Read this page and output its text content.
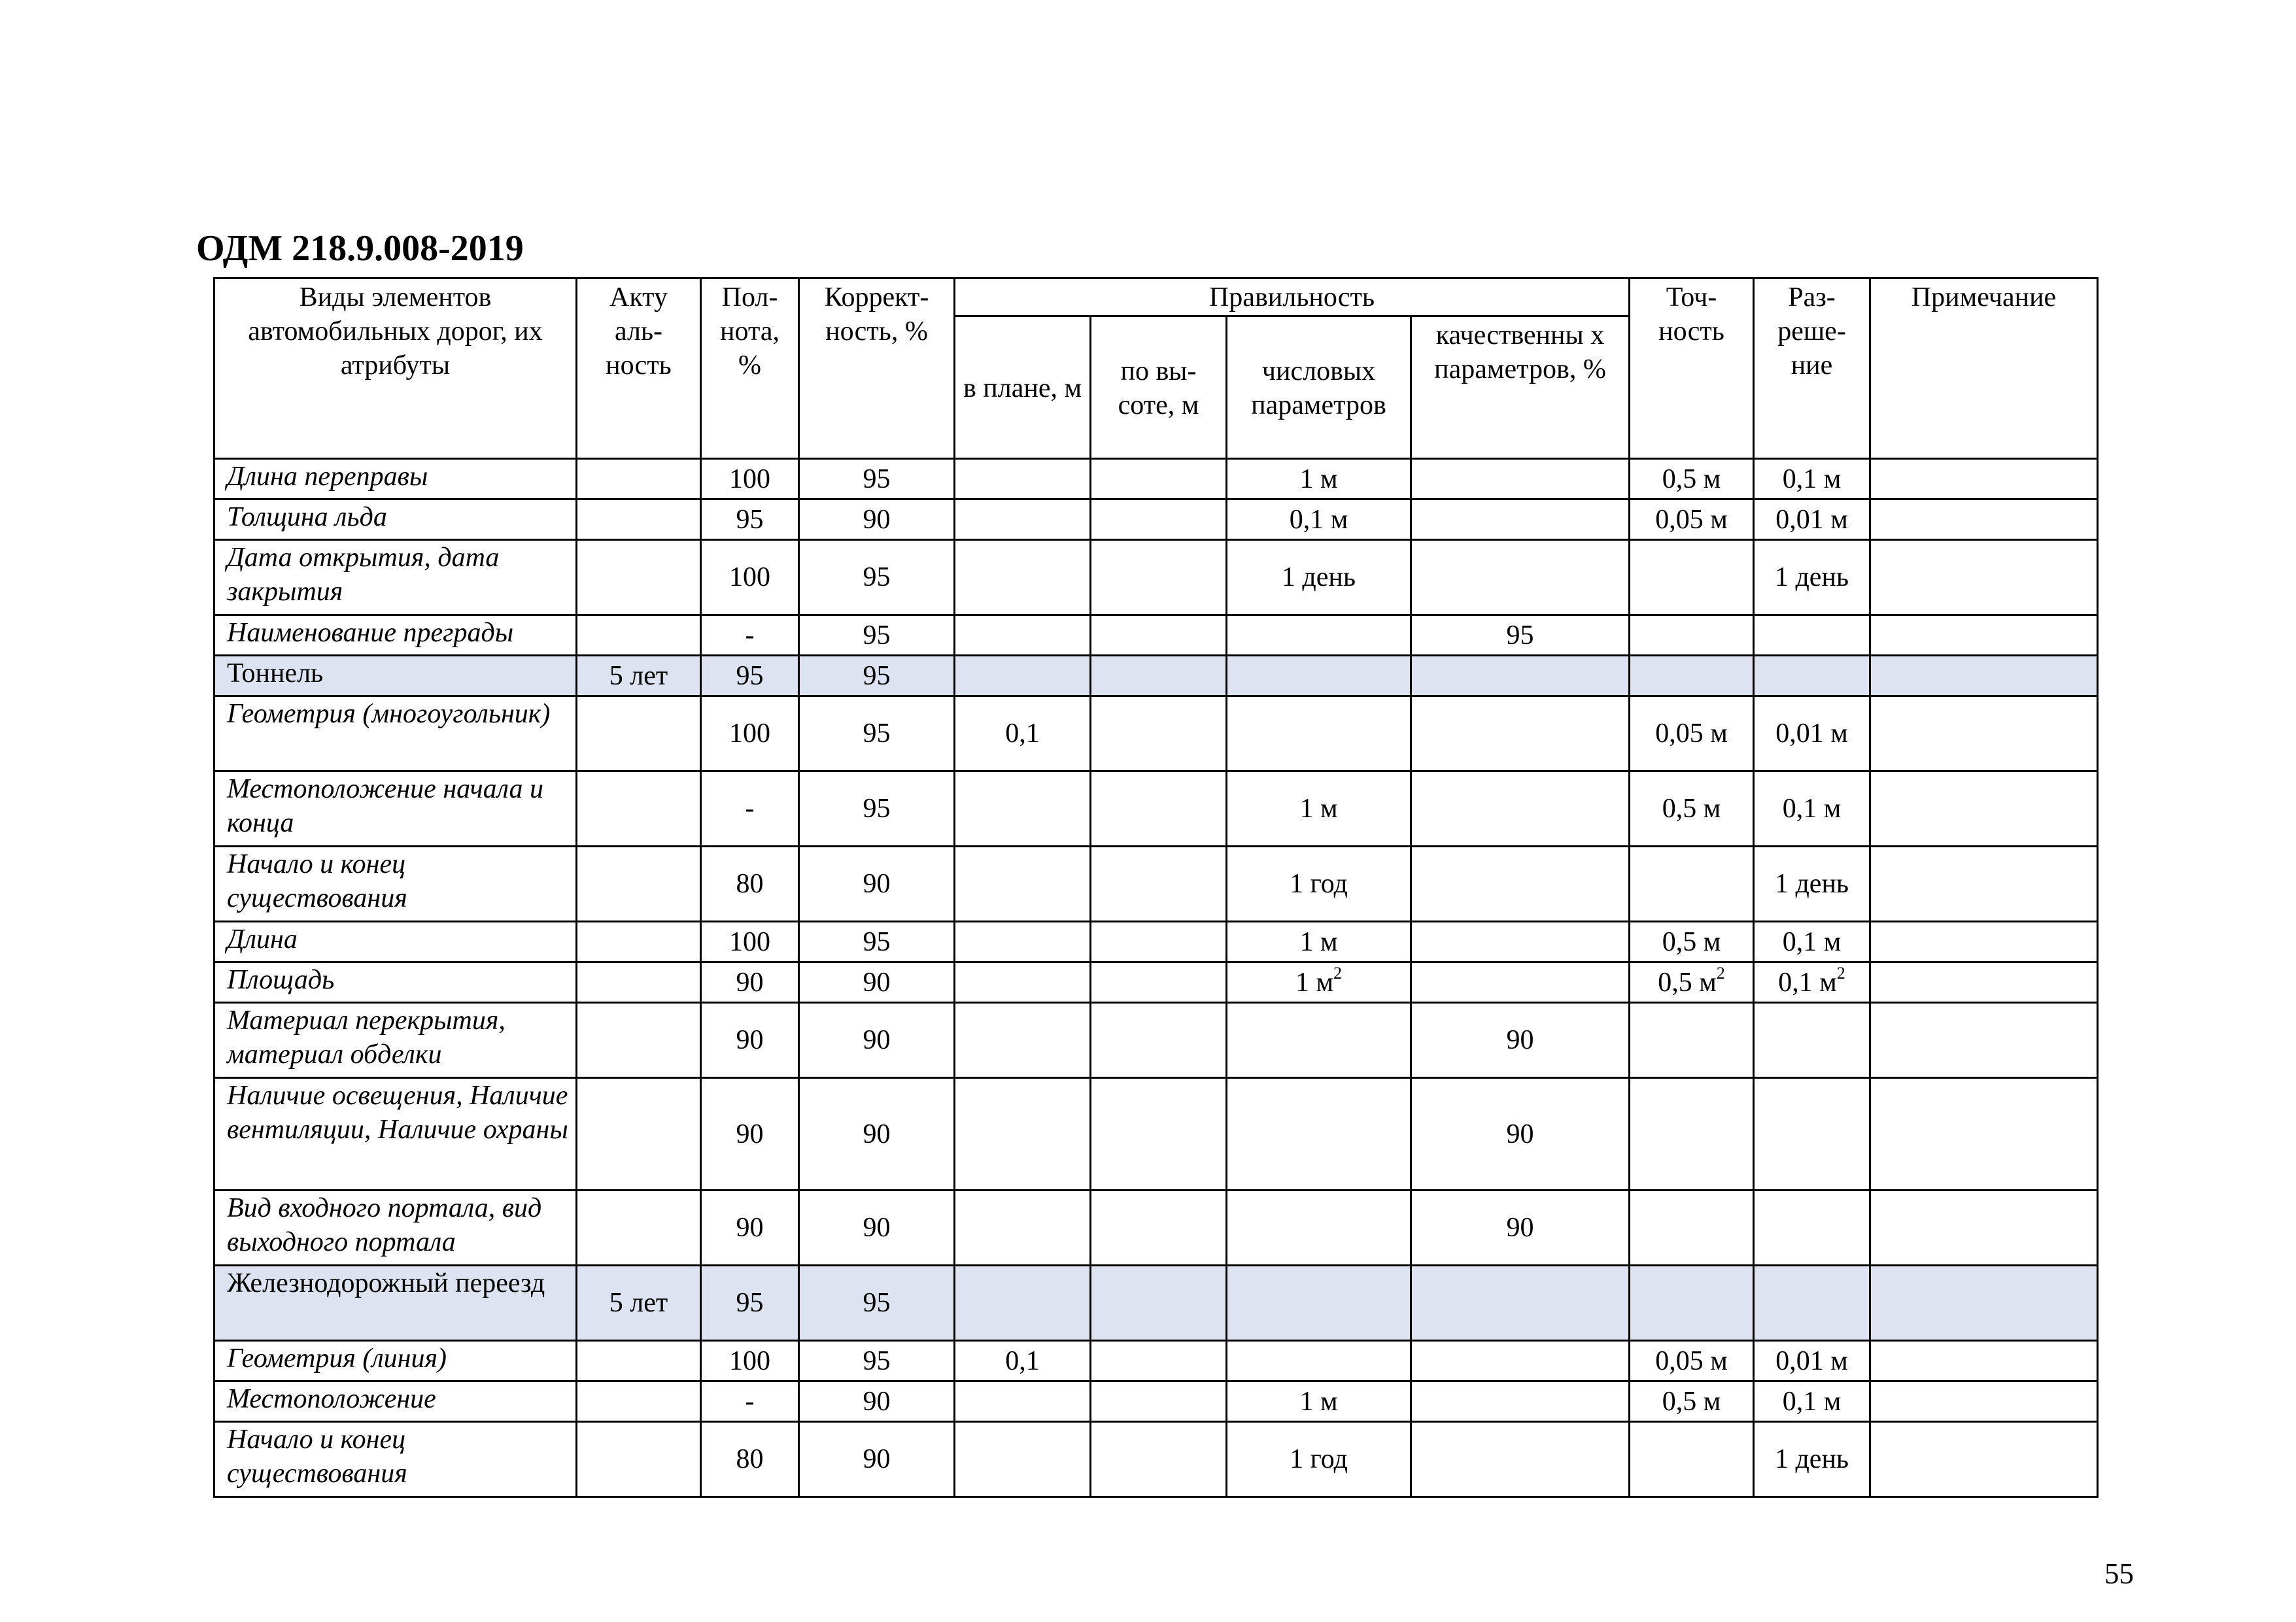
ОДМ 218.9.008-2019
Виды элементов автомобильных дорог, их атрибуты	Акту аль- ность	Пол- нота, %	Коррект- ность, %	Правильность				Точ- ность	Раз- реше- ние	Примечание
				в плане, м	по вы- соте, м	числовых параметров	качественны х параметров, %			
Длина переправы		100	95			1 м		0,5 м	0,1 м	
Толщина льда		95	90			0,1 м		0,05 м	0,01 м	
Дата открытия, дата закрытия		100	95			1 день			1 день	
Наименование преграды		-	95				95			
Тоннель	5 лет	95	95							
Геометрия (многоугольник)		100	95	0,1				0,05 м	0,01 м	
Местоположение начала и конца		-	95			1 м		0,5 м	0,1 м	
Начало и конец существования		80	90			1 год			1 день	
Длина		100	95			1 м		0,5 м	0,1 м	
Площадь		90	90			1 $м^2$		0,5 $м^2$	0,1 $м^2$	
Материал перекрытия, материал обделки		90	90				90			
Наличие освещения, Наличие вентиляции, Наличие охраны		90	90				90			
Вид входного портала, вид выходного портала		90	90				90			
Железнодорожный переезд	5 лет	95	95							
Геометрия (линия)		100	95	0,1				0,05 м	0,01 м	
Местоположение		-	90			1 м		0,5 м	0,1 м	
Начало и конец существования		80	90			1 год			1 день	
55
